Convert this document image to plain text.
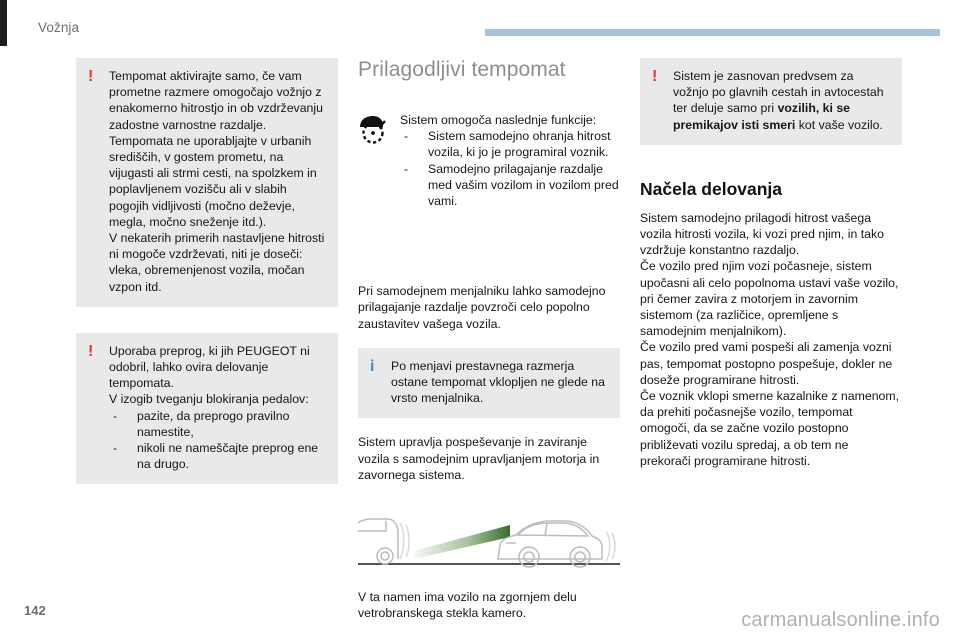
Vožnja
!	Tempomat aktivirajte samo, če vam prometne razmere omogočajo vožnjo z enakomerno hitrostjo in ob vzdrževanju zadostne varnostne razdalje.

Tempomata ne uporabljajte v urbanih središčih, v gostem prometu, na vijugasti ali strmi cesti, na spolzkem in poplavljenem vozišču ali v slabih pogojih vidljivosti (močno deževje, megla, močno sneženje itd.).

V nekaterih primerih nastavljene hitrosti ni mogoče vzdrževati, niti je doseči: vleka, obremenjenost vozila, močan vzpon itd.

!	Uporaba preprog, ki jih PEUGEOT ni odobril, lahko ovira delovanje tempomata.

V izogib tveganju blokiranja pedalov:

- pazite, da preprogo pravilno namestite,
- nikoli ne nameščajte preprog ene na drugo.
Prilagodljivi tempomat

Sistem omogoča naslednje funkcije:

- Sistem samodejno ohranja hitrost vozila, ki jo je programiral voznik.
- Samodejno prilagajanje razdalje med vašim vozilom in vozilom pred vami.

Pri samodejnem menjalniku lahko samodejno prilagajanje razdalje povzroči celo popolno zaustavitev vašega vozila.

i	Po menjavi prestavnega razmerja ostane tempomat vklopljen ne glede na vrsto menjalnika.

Sistem upravlja pospeševanje in zaviranje vozila s samodejnim upravljanjem motorja in zavornega sistema.

V ta namen ima vozilo na zgornjem delu vetrobranskega stekla kamero.

!	Sistem je zasnovan predvsem za vožnjo po glavnih cestah in avtocestah ter deluje samo pri vozilih, ki se premikajov isti smeri kot vaše vozilo.
Načela delovanja

Sistem samodejno prilagodi hitrost vašega vozila hitrosti vozila, ki vozi pred njim, in tako vzdržuje konstantno razdaljo.

Če vozilo pred njim vozi počasneje, sistem upočasni ali celo popolnoma ustavi vaše vozilo, pri čemer zavira z motorjem in zavornim sistemom (za različice, opremljene s samodejnim menjalnikom).

Če vozilo pred vami pospeši ali zamenja vozni pas, tempomat postopno pospešuje, dokler ne doseže programirane hitrosti.

Če voznik vklopi smerne kazalnike z namenom, da prehiti počasnejše vozilo, tempomat omogoči, da se začne vozilo postopno približevati vozilu spredaj, a ob tem ne prekorači programirane hitrosti.

142	carmanualsonline.info
